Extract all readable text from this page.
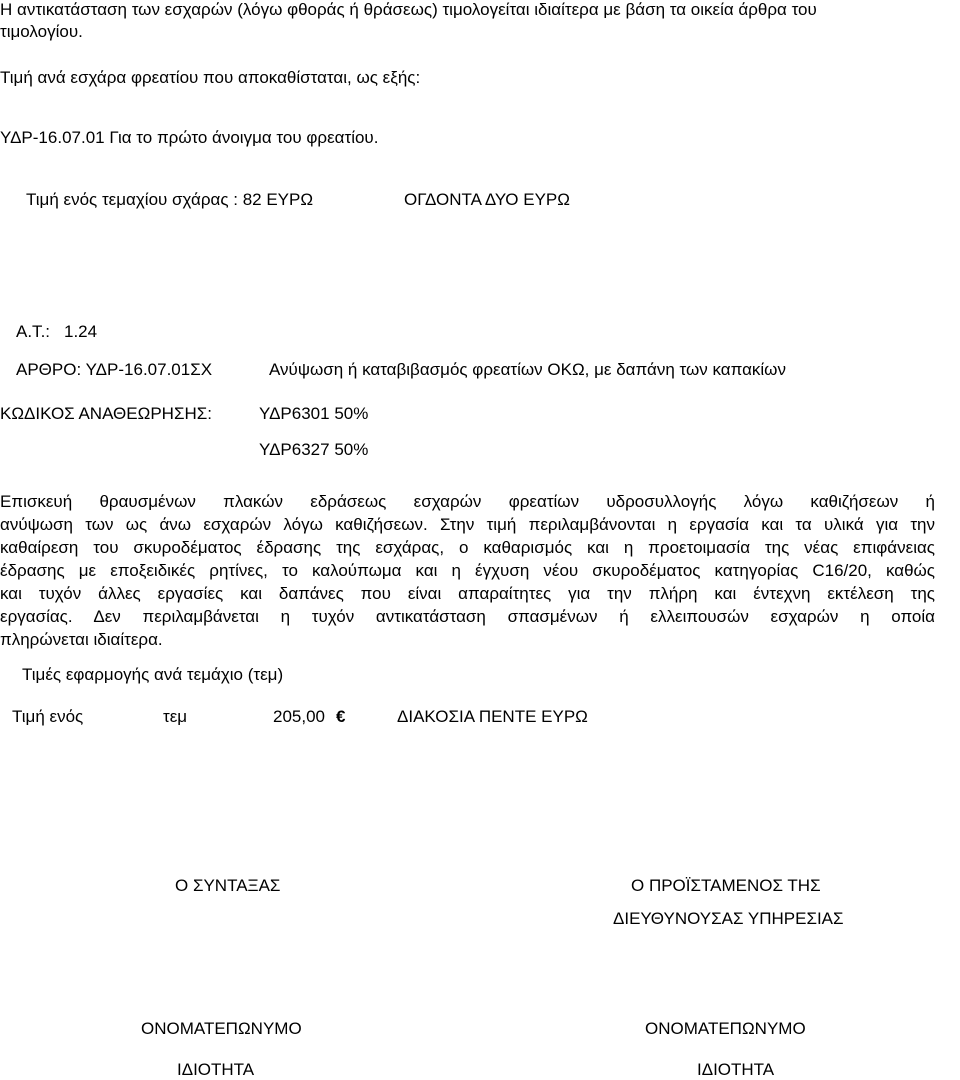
Η αντικατάσταση των εσχαρών (λόγω φθοράς ή θράσεως) τιμολογείται ιδιαίτερα με βάση τα οικεία άρθρα του
τιμολογίου.
Τιμή ανά εσχάρα φρεατίου που αποκαθίσταται, ως εξής:
ΥΔΡ-16.07.01 Για το πρώτο άνοιγμα του φρεατίου.
Τιμή ενός τεμαχίου σχάρας : 82 ΕΥΡΩ	ΟΓΔΟΝΤΑ ΔΥΟ ΕΥΡΩ
Α.Τ.: 1.24
ΑΡΘΡΟ: ΥΔΡ-16.07.01ΣΧ	Ανύψωση ή καταβιβασμός φρεατίων ΟΚΩ, με δαπάνη των καπακίων
ΚΩΔΙΚΟΣ ΑΝΑΘΕΩΡΗΣΗΣ:	ΥΔΡ6301 50%
ΥΔΡ6327 50%
Επισκευή θραυσμένων πλακών εδράσεως εσχαρών φρεατίων υδροσυλλογής λόγω καθιζήσεων ή
ανύψωση των ως άνω εσχαρών λόγω καθιζήσεων. Στην τιμή περιλαμβάνονται η εργασία και τα υλικά για την
καθαίρεση του σκυροδέματος έδρασης της εσχάρας, ο καθαρισμός και η προετοιμασία της νέας επιφάνειας
έδρασης με εποξειδικές ρητίνες, το καλούπωμα και η έγχυση νέου σκυροδέματος κατηγορίας C16/20, καθώς
και τυχόν άλλες εργασίες και δαπάνες που είναι απαραίτητες για την πλήρη και έντεχνη εκτέλεση της
εργασίας. Δεν περιλαμβάνεται η τυχόν αντικατάσταση σπασμένων ή ελλειπουσών εσχαρών η οποία
πληρώνεται ιδιαίτερα.
Τιμές εφαρμογής ανά τεμάχιο (τεμ)
Τιμή ενός	τεμ	205,00 €	ΔΙΑΚΟΣΙΑ ΠΕΝΤΕ ΕΥΡΩ
Ο ΣΥΝΤΑΞΑΣ	Ο ΠΡΟΪΣΤΑΜΕΝΟΣ ΤΗΣ
ΔΙΕΥΘΥΝΟΥΣΑΣ ΥΠΗΡΕΣΙΑΣ
ΟΝΟΜΑΤΕΠΩΝΥΜΟ	ΟΝΟΜΑΤΕΠΩΝΥΜΟ
ΙΔΙΟΤΗΤΑ	ΙΔΙΟΤΗΤΑ
